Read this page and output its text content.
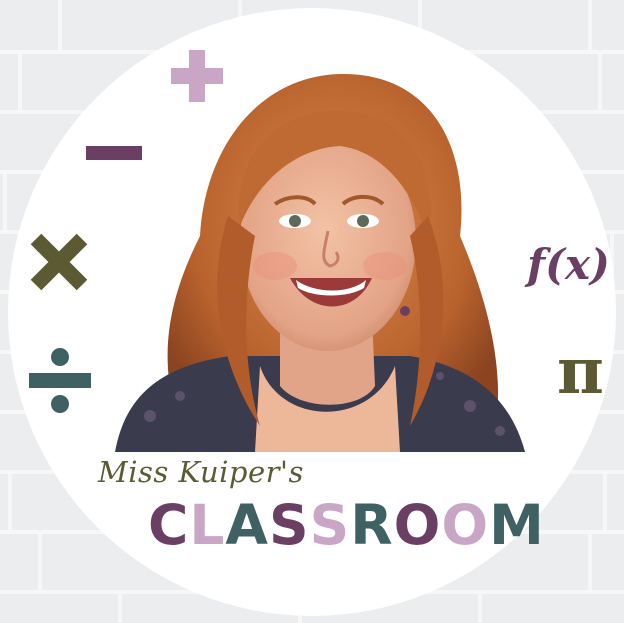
f(x)
π
Miss Kuiper's
CLASSROOM
